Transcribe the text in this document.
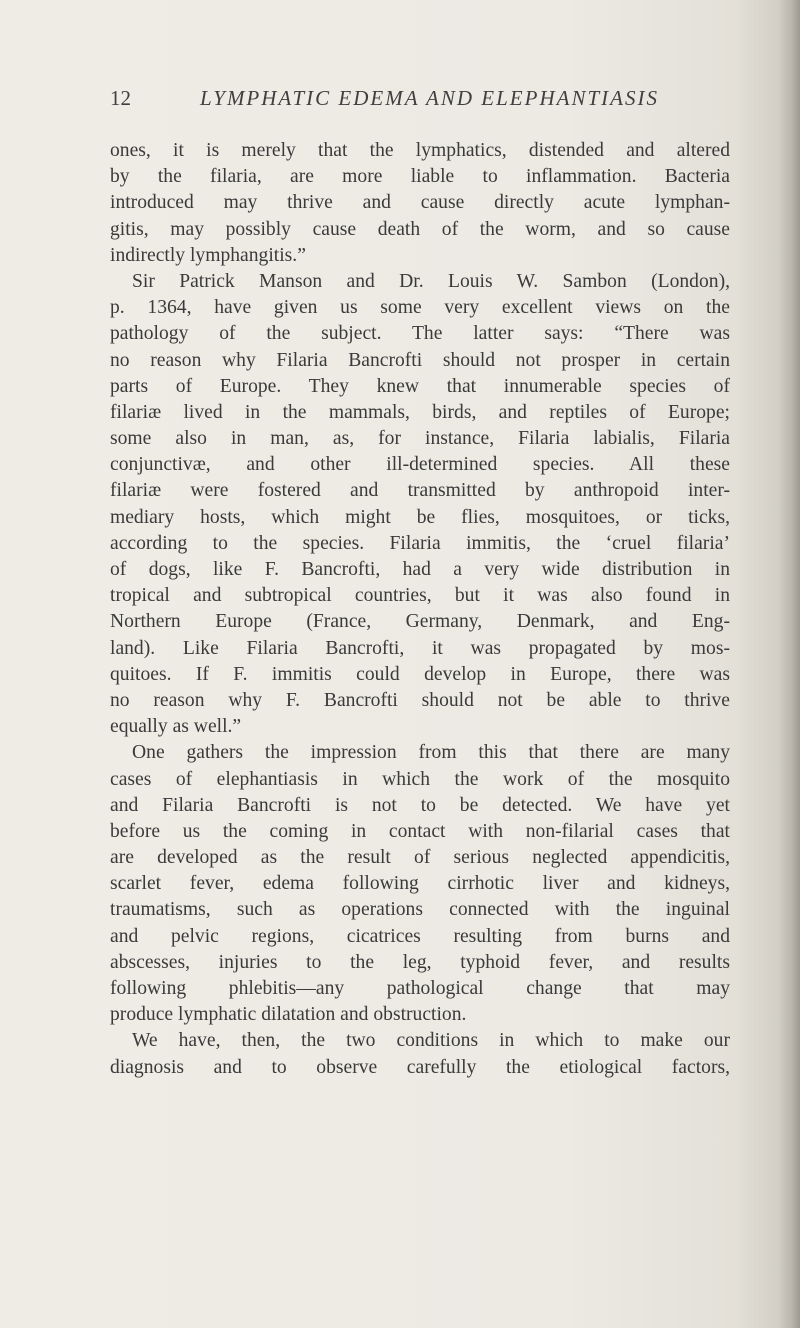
12	LYMPHATIC EDEMA AND ELEPHANTIASIS
ones, it is merely that the lymphatics, distended and altered
by the filaria, are more liable to inflammation. Bacteria
introduced may thrive and cause directly acute lymphan-
gitis, may possibly cause death of the worm, and so cause
indirectly lymphangitis.”
Sir Patrick Manson and Dr. Louis W. Sambon (London),
p. 1364, have given us some very excellent views on the
pathology of the subject. The latter says: “There was
no reason why Filaria Bancrofti should not prosper in certain
parts of Europe. They knew that innumerable species of
filariæ lived in the mammals, birds, and reptiles of Europe;
some also in man, as, for instance, Filaria labialis, Filaria
conjunctivæ, and other ill-determined species. All these
filariæ were fostered and transmitted by anthropoid inter-
mediary hosts, which might be flies, mosquitoes, or ticks,
according to the species. Filaria immitis, the ‘cruel filaria’
of dogs, like F. Bancrofti, had a very wide distribution in
tropical and subtropical countries, but it was also found in
Northern Europe (France, Germany, Denmark, and Eng-
land). Like Filaria Bancrofti, it was propagated by mos-
quitoes. If F. immitis could develop in Europe, there was
no reason why F. Bancrofti should not be able to thrive
equally as well.”
One gathers the impression from this that there are many
cases of elephantiasis in which the work of the mosquito
and Filaria Bancrofti is not to be detected. We have yet
before us the coming in contact with non-filarial cases that
are developed as the result of serious neglected appendicitis,
scarlet fever, edema following cirrhotic liver and kidneys,
traumatisms, such as operations connected with the inguinal
and pelvic regions, cicatrices resulting from burns and
abscesses, injuries to the leg, typhoid fever, and results
following phlebitis—any pathological change that may
produce lymphatic dilatation and obstruction.
We have, then, the two conditions in which to make our
diagnosis and to observe carefully the etiological factors,
